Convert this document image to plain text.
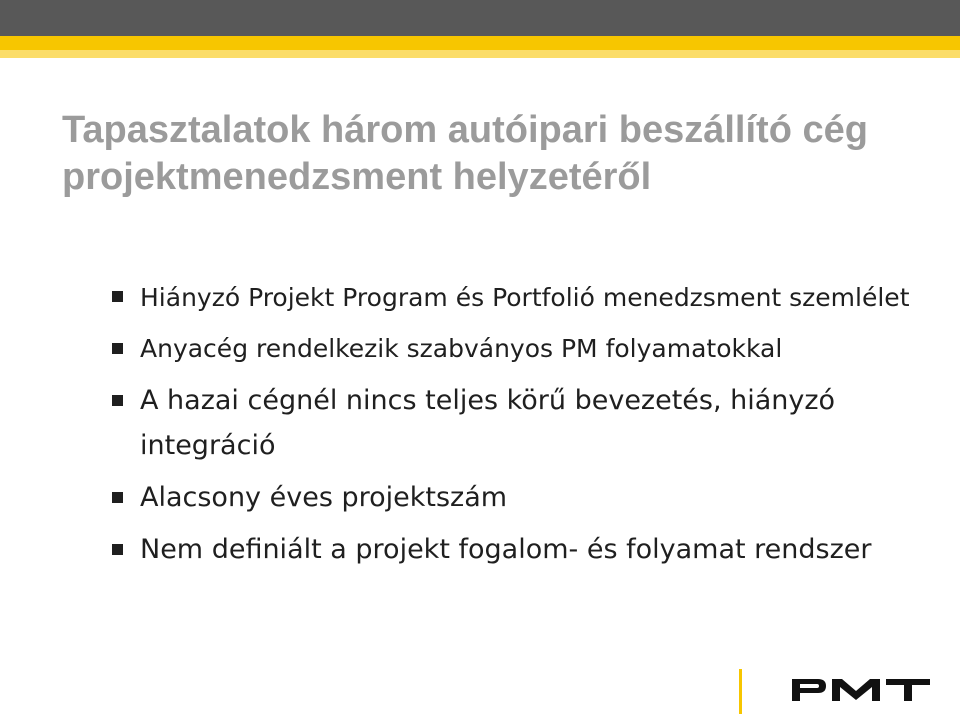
Tapasztalatok három autóipari beszállító cég projektmenedzsment helyzetéről
Hiányzó Projekt Program és Portfolió menedzsment szemlélet
Anyacég rendelkezik szabványos PM folyamatokkal
A hazai cégnél nincs teljes körű bevezetés, hiányzó integráció
Alacsony éves projektszám
Nem definiált a projekt fogalom- és folyamat rendszer
